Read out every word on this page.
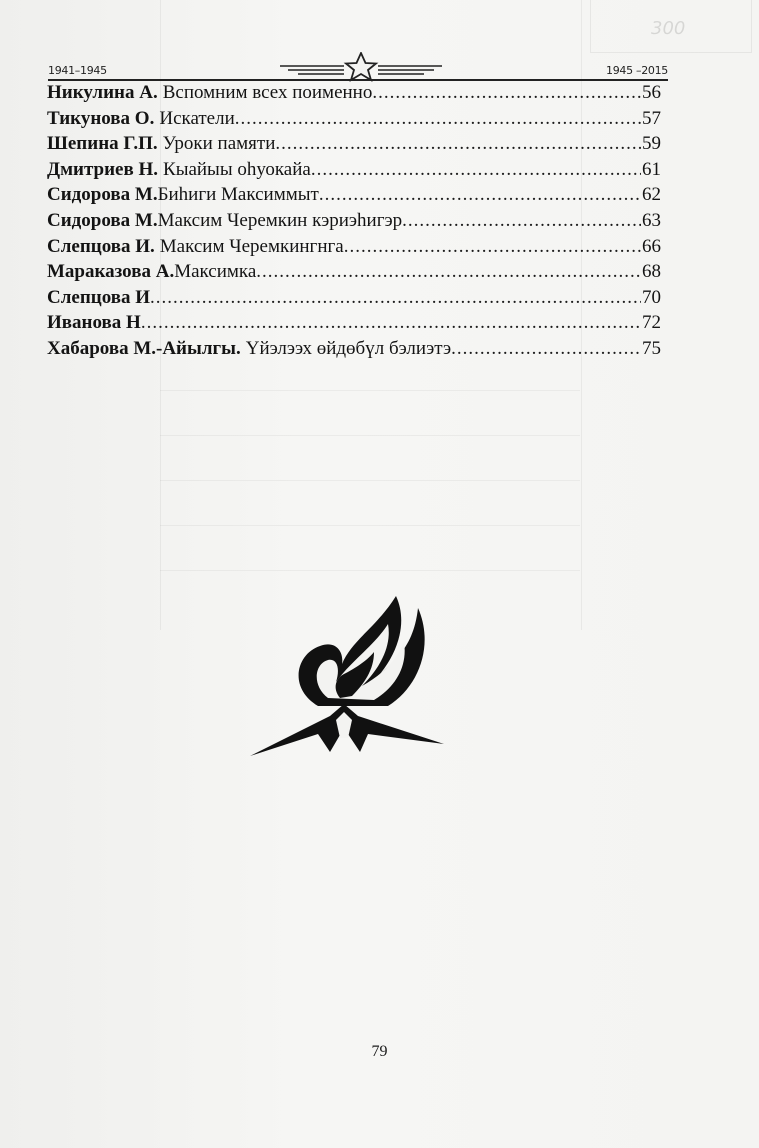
300
1941–1945	1945 –2015
Никулина А. Вспомним всех поименно .....	56
Тикунова О. Искатели .....	57
Шепина Г.П. Уроки памяти .....	59
Дмитриев Н. Кыайыы оһуокайа .....	61
Сидорова М. Биһиги Максиммыт .....	62
Сидорова М. Максим Черемкин кэриэһигэр .....	63
Слепцова И. Максим Черемкингнга .....	66
Мараказова А. Максимка .....	68
Слепцова И .....	70
Иванова Н .....	72
Хабарова М.-Айылгы. Үйэлээх өйдөбүл бэлиэтэ .....	75
79
